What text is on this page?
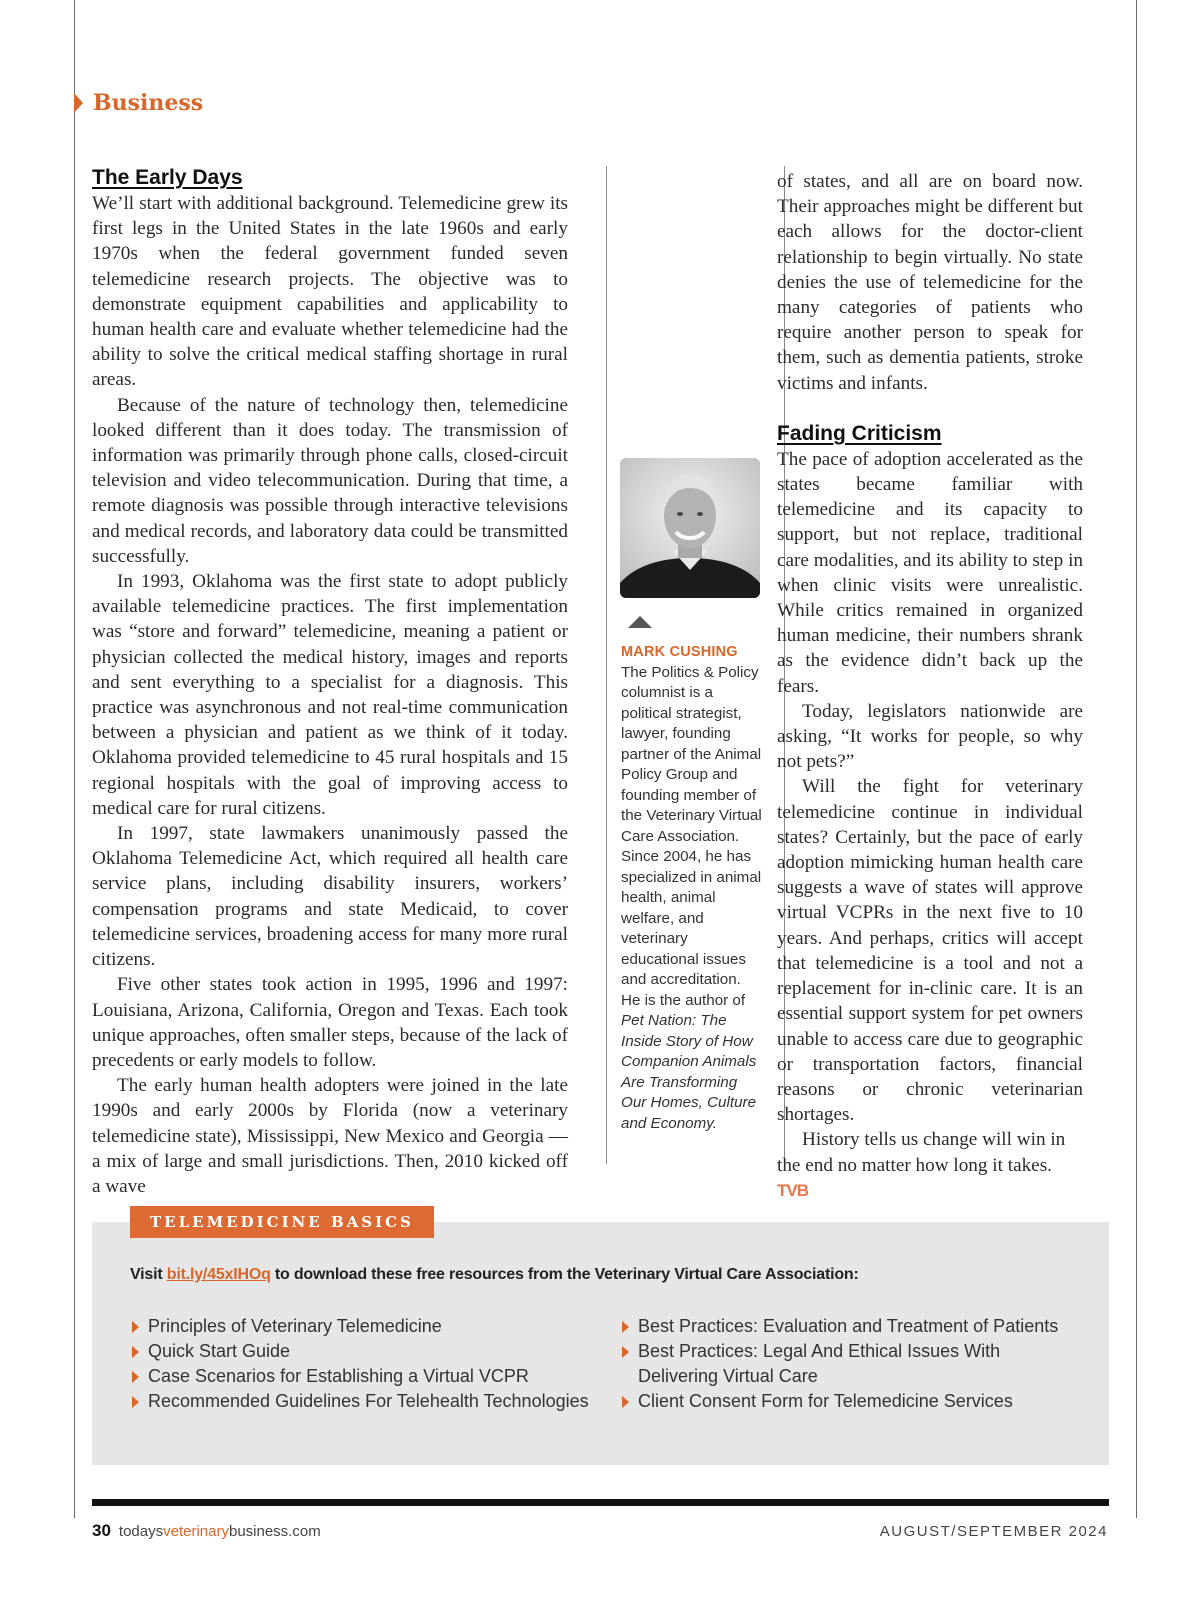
Business
The Early Days

We’ll start with additional background. Telemedicine grew its first legs in the United States in the late 1960s and early 1970s when the federal government funded seven telemedicine research projects. The objective was to demonstrate equipment capabilities and applicability to human health care and evaluate whether telemedicine had the ability to solve the critical medical staffing shortage in rural areas.

Because of the nature of technology then, telemedicine looked different than it does today. The transmission of information was primarily through phone calls, closed-circuit television and video telecommunication. During that time, a remote diagnosis was possible through interactive televisions and medical records, and laboratory data could be transmitted successfully.

In 1993, Oklahoma was the first state to adopt publicly available telemedicine practices. The first implementation was “store and forward” telemedicine, meaning a patient or physician collected the medical history, images and reports and sent everything to a specialist for a diagnosis. This practice was asynchronous and not real-time communication between a physician and patient as we think of it today. Oklahoma provided telemedicine to 45 rural hospitals and 15 regional hospitals with the goal of improving access to medical care for rural citizens.

In 1997, state lawmakers unanimously passed the Oklahoma Telemedicine Act, which required all health care service plans, including disability insurers, workers’ compensation programs and state Medicaid, to cover telemedicine services, broadening access for many more rural citizens.

Five other states took action in 1995, 1996 and 1997: Louisiana, Arizona, California, Oregon and Texas. Each took unique approaches, often smaller steps, because of the lack of precedents or early models to follow.

The early human health adopters were joined in the late 1990s and early 2000s by Florida (now a veterinary telemedicine state), Mississippi, New Mexico and Georgia — a mix of large and small jurisdictions. Then, 2010 kicked off a wave

MARK CUSHING
The Politics & Policy columnist is a political strategist, lawyer, founding partner of the Animal Policy Group and founding member of the Veterinary Virtual Care Association. Since 2004, he has specialized in animal health, animal welfare, and veterinary educational issues and accreditation. He is the author of Pet Nation: The Inside Story of How Companion Animals Are Transforming Our Homes, Culture and Economy.

of states, and all are on board now. Their approaches might be different but each allows for the doctor-client relationship to begin virtually. No state denies the use of telemedicine for the many categories of patients who require another person to speak for them, such as dementia patients, stroke victims and infants.

Fading Criticism

The pace of adoption accelerated as the states became familiar with telemedicine and its capacity to support, but not replace, traditional care modalities, and its ability to step in when clinic visits were unrealistic. While critics remained in organized human medicine, their numbers shrank as the evidence didn’t back up the fears.

Today, legislators nationwide are asking, “It works for people, so why not pets?”

Will the fight for veterinary telemedicine continue in individual states? Certainly, but the pace of early adoption mimicking human health care suggests a wave of states will approve virtual VCPRs in the next five to 10 years. And perhaps, critics will accept that telemedicine is a tool and not a replacement for in-clinic care. It is an essential support system for pet owners unable to access care due to geographic or transportation factors, financial reasons or chronic veterinarian shortages.

History tells us change will win in the end no matter how long it takes. TVB

TELEMEDICINE BASICS
Visit bit.ly/45xIHOq to download these free resources from the Veterinary Virtual Care Association:
Principles of Veterinary Telemedicine
Quick Start Guide
Case Scenarios for Establishing a Virtual VCPR
Recommended Guidelines For Telehealth Technologies
Best Practices: Evaluation and Treatment of Patients
Best Practices: Legal And Ethical Issues With Delivering Virtual Care
Client Consent Form for Telemedicine Services
30 todaysveterinarybusiness.com	AUGUST/SEPTEMBER 2024
